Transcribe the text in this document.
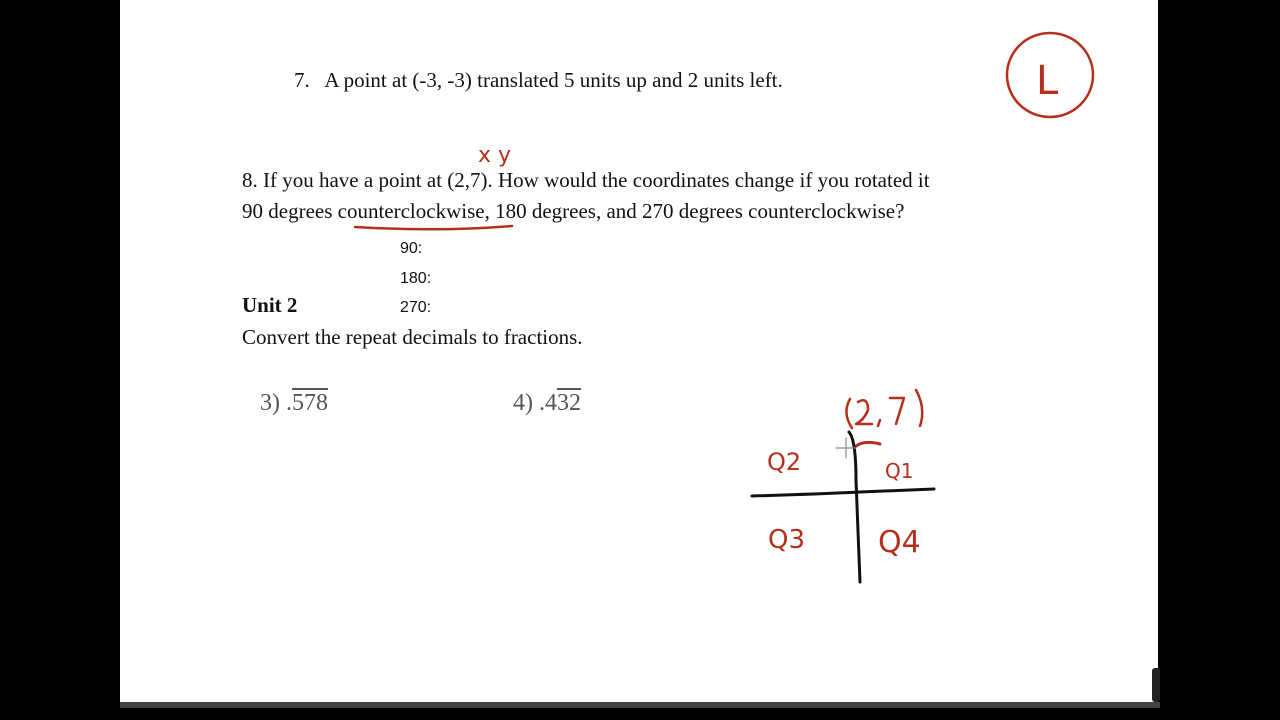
7. A point at (-3, -3) translated 5 units up and 2 units left.
8. If you have a point at (2,7). How would the coordinates change if you rotated it
90 degrees counterclockwise, 180 degrees, and 270 degrees counterclockwise?
90:
180:
270:
Unit 2
Convert the repeat decimals to fractions.
3) .578	4) .432
L
x y
Q2	Q1
Q3 Q4
